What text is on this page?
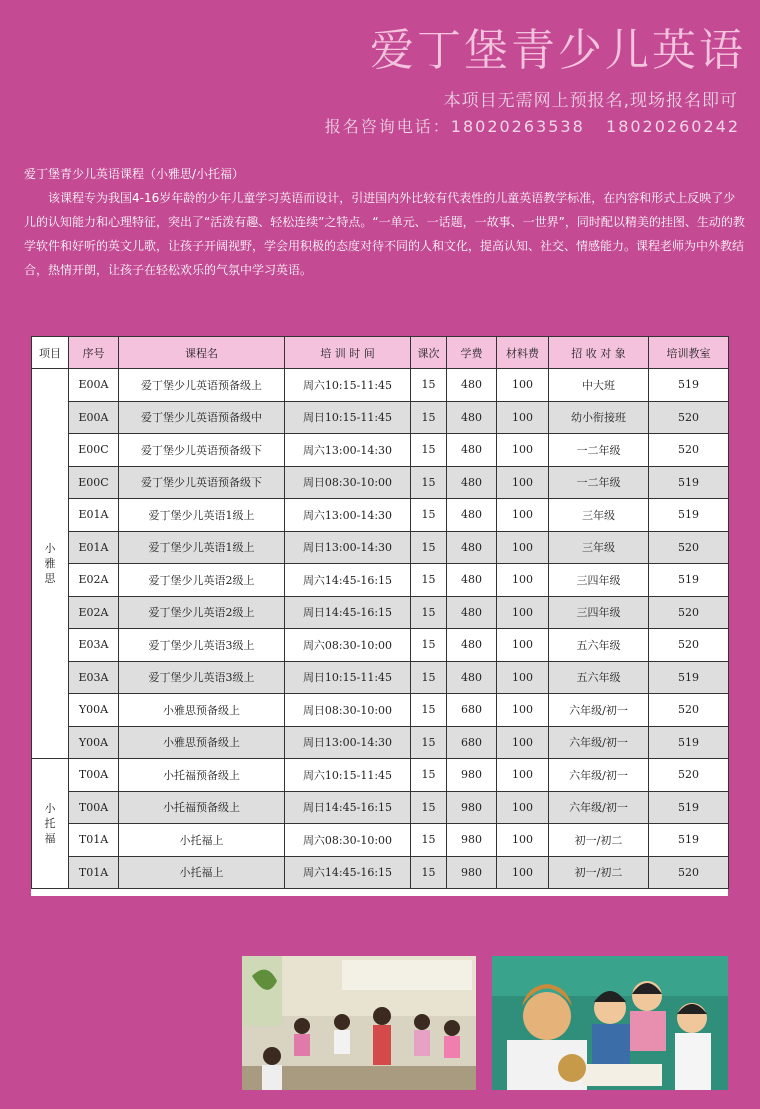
爱丁堡青少儿英语
本项目无需网上预报名,现场报名即可
报名咨询电话：18020263538   18020260242

爱丁堡青少儿英语课程（小雅思/小托福）

该课程专为我国4-16岁年龄的少年儿童学习英语而设计，引进国内外比较有代表性的儿童英语教学标准，在内容和形式上反映了少儿的认知能力和心理特征，突出了“活泼有趣、轻松连续”之特点。“一单元、一话题，一故事、一世界”，同时配以精美的挂图、生动的教学软件和好听的英文儿歌，让孩子开阔视野，学会用积极的态度对待不同的人和文化，提高认知、社交、情感能力。课程老师为中外教结合，热情开朗，让孩子在轻松欢乐的气氛中学习英语。

项目	序号	课程名	培 训 时 间	课次	学费	材料费	招 收 对 象	培训教室
小雅思	E00A	爱丁堡少儿英语预备级上	周六10:15-11:45	15	480	100	中大班	519
	E00A	爱丁堡少儿英语预备级中	周日10:15-11:45	15	480	100	幼小衔接班	520
	E00C	爱丁堡少儿英语预备级下	周六13:00-14:30	15	480	100	一二年级	520
	E00C	爱丁堡少儿英语预备级下	周日08:30-10:00	15	480	100	一二年级	519
	E01A	爱丁堡少儿英语1级上	周六13:00-14:30	15	480	100	三年级	519
	E01A	爱丁堡少儿英语1级上	周日13:00-14:30	15	480	100	三年级	520
	E02A	爱丁堡少儿英语2级上	周六14:45-16:15	15	480	100	三四年级	519
	E02A	爱丁堡少儿英语2级上	周日14:45-16:15	15	480	100	三四年级	520
	E03A	爱丁堡少儿英语3级上	周六08:30-10:00	15	480	100	五六年级	520
	E03A	爱丁堡少儿英语3级上	周日10:15-11:45	15	480	100	五六年级	519
	Y00A	小雅思预备级上	周日08:30-10:00	15	680	100	六年级/初一	520
	Y00A	小雅思预备级上	周日13:00-14:30	15	680	100	六年级/初一	519
小托福	T00A	小托福预备级上	周六10:15-11:45	15	980	100	六年级/初一	520
	T00A	小托福预备级上	周日14:45-16:15	15	980	100	六年级/初一	519
	T01A	小托福上	周六08:30-10:00	15	980	100	初一/初二	519
	T01A	小托福上	周六14:45-16:15	15	980	100	初一/初二	520
